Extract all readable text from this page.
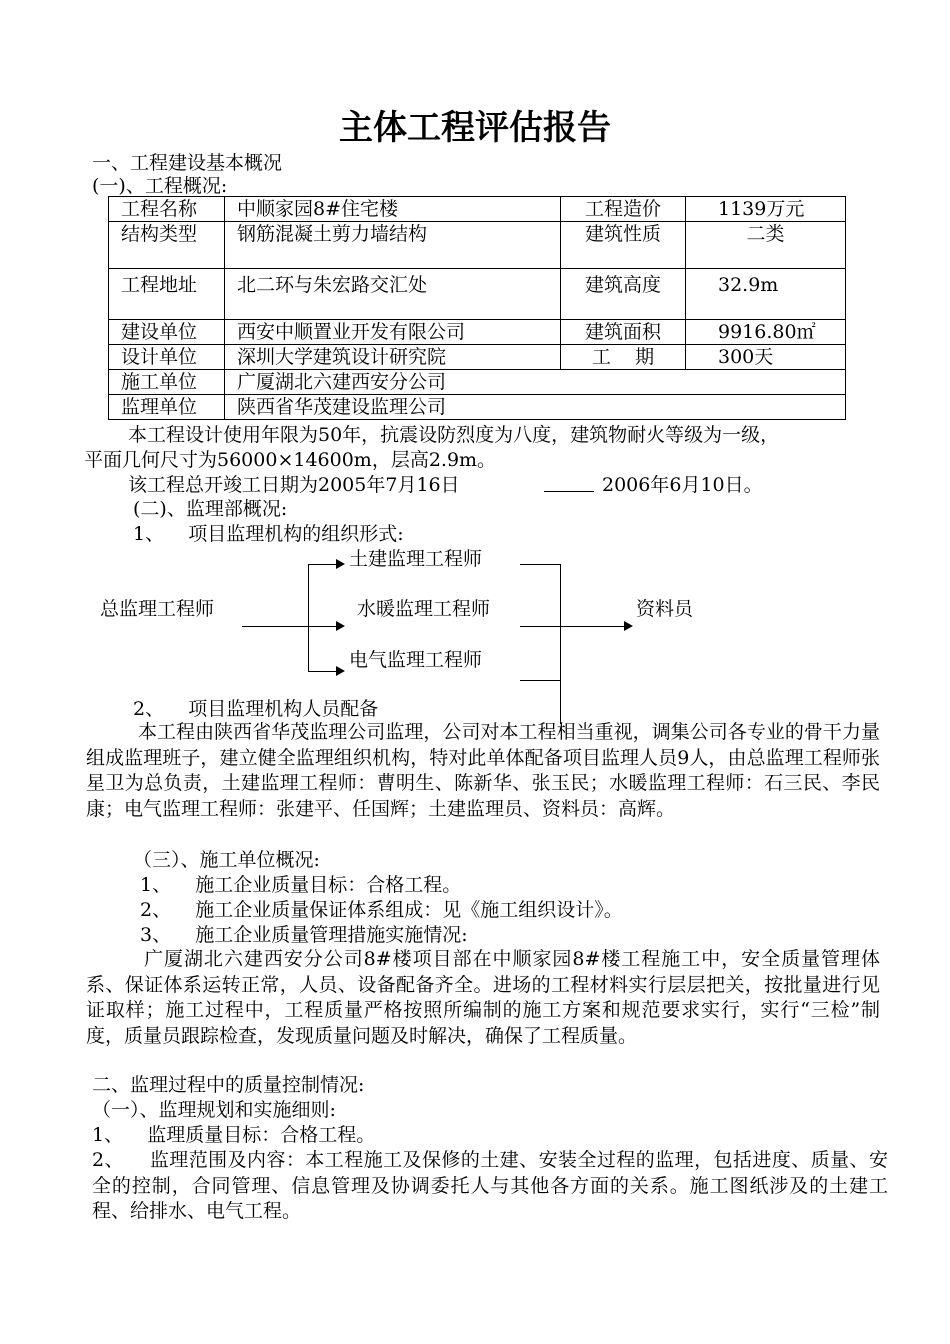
主体工程评估报告
一、工程建设基本概况
(一)、工程概况:
工程名称	中顺家园8#住宅楼	工程造价	1139万元
结构类型	钢筋混凝土剪力墙结构	建筑性质	二类
工程地址	北二环与朱宏路交汇处	建筑高度	32.9m
建设单位	西安中顺置业开发有限公司	建筑面积	9916.80㎡
设计单位	深圳大学建筑设计研究院	工    期	300天
施工单位	广厦湖北六建西安分公司		
监理单位	陕西省华茂建设监理公司		
本工程设计使用年限为50年，抗震设防烈度为八度，建筑物耐火等级为一级，
平面几何尺寸为56000×14600m，层高2.9m。
该工程总开竣工日期为2005年7月16日	2006年6月10日。
(二)、监理部概况:
1、    项目监理机构的组织形式:
总监理工程师
土建监理工程师
水暖监理工程师
电气监理工程师
资料员
2、    项目监理机构人员配备
本工程由陕西省华茂监理公司监理，公司对本工程相当重视，调集公司各专业的骨干力量组成监理班子，建立健全监理组织机构，特对此单体配备项目监理人员9人，由总监理工程师张星卫为总负责，土建监理工程师：曹明生、陈新华、张玉民；水暖监理工程师：石三民、李民康；电气监理工程师：张建平、任国辉；土建监理员、资料员：高辉。
（三）、施工单位概况:
1、    施工企业质量目标：合格工程。
2、    施工企业质量保证体系组成：见《施工组织设计》。
3、    施工企业质量管理措施实施情况:
广厦湖北六建西安分公司8#楼项目部在中顺家园8#楼工程施工中，安全质量管理体系、保证体系运转正常，人员、设备配备齐全。进场的工程材料实行层层把关，按批量进行见证取样；施工过程中，工程质量严格按照所编制的施工方案和规范要求实行，实行“三检”制度，质量员跟踪检查，发现质量问题及时解决，确保了工程质量。
二、监理过程中的质量控制情况:
（一）、监理规划和实施细则:
1、    监理质量目标：合格工程。
2、    监理范围及内容：本工程施工及保修的土建、安装全过程的监理，包括进度、质量、安全的控制，合同管理、信息管理及协调委托人与其他各方面的关系。施工图纸涉及的土建工程、给排水、电气工程。
